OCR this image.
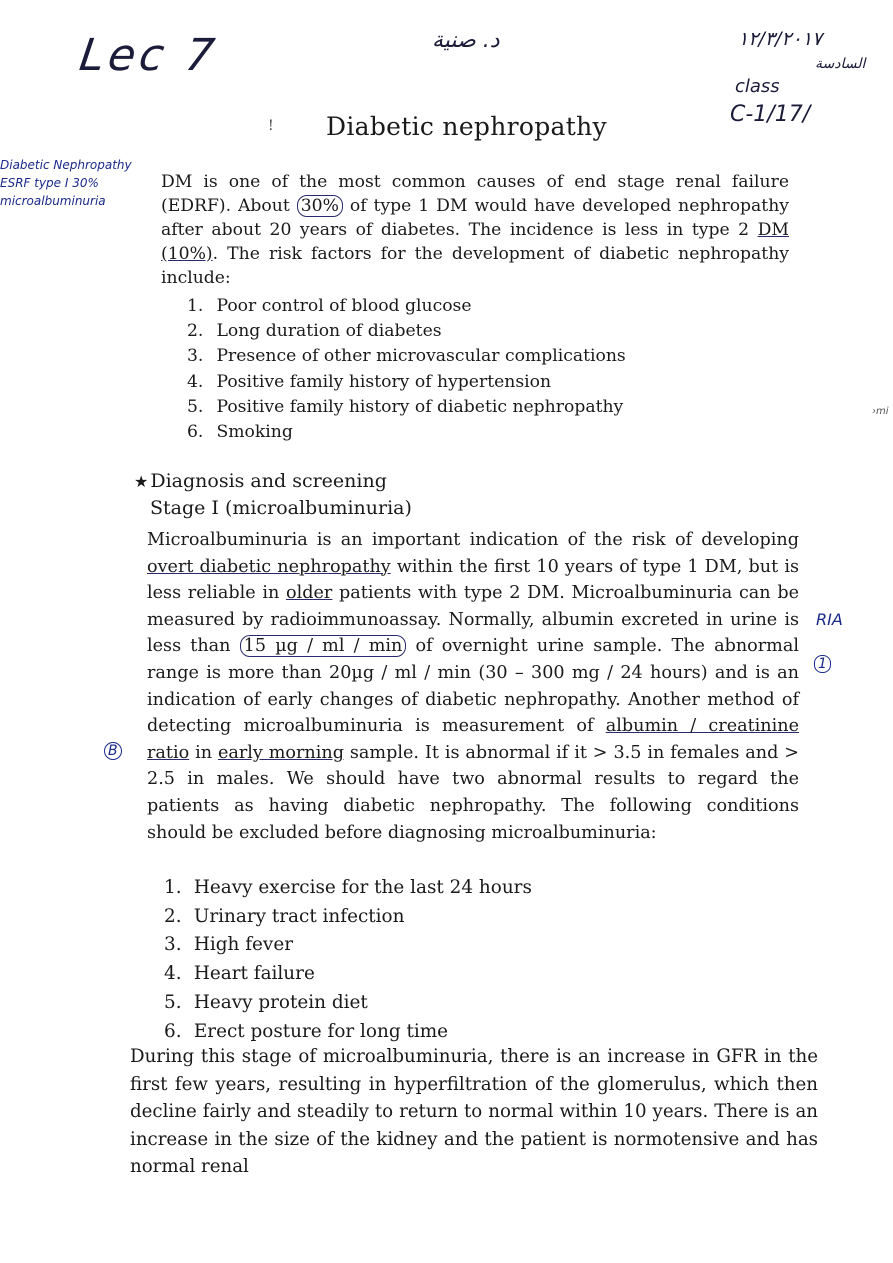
Lec 7	د. صنية	١٢/٣/٢٠١٧
السادسة
class
C-1/17/
Diabetic Nephropathy
ESRF type I 30%
microalbuminuria
! Diabetic nephropathy

DM is one of the most common causes of end stage renal failure (EDRF). About 30% of type 1 DM would have developed nephropathy after about 20 years of diabetes. The incidence is less in type 2 DM (10%). The risk factors for the development of diabetic nephropathy include:

1. Poor control of blood glucose
2. Long duration of diabetes
3. Presence of other microvascular complications
4. Positive family history of hypertension
5. Positive family history of diabetic nephropathy
6. Smoking
★ Diagnosis and screening
Stage I (microalbuminuria)

Microalbuminuria is an important indication of the risk of developing overt diabetic nephropathy within the first 10 years of type 1 DM, but is less reliable in older patients with type 2 DM. Microalbuminuria can be measured by radioimmunoassay. Normally, albumin excreted in urine is less than 15 µg / ml / min of overnight urine sample. The abnormal range is more than 20µg / ml / min (30 – 300 mg / 24 hours) and is an indication of early changes of diabetic nephropathy. Another method of detecting microalbuminuria is measurement of albumin / creatinine ratio in early morning sample. It is abnormal if it > 3.5 in females and > 2.5 in males. We should have two abnormal results to regard the patients as having diabetic nephropathy. The following conditions should be excluded before diagnosing microalbuminuria:

RIA
1
B
›mi
1. Heavy exercise for the last 24 hours
2. Urinary tract infection
3. High fever
4. Heart failure
5. Heavy protein diet
6. Erect posture for long time

During this stage of microalbuminuria, there is an increase in GFR in the first few years, resulting in hyperfiltration of the glomerulus, which then decline fairly and steadily to return to normal within 10 years. There is an increase in the size of the kidney and the patient is normotensive and has normal renal
